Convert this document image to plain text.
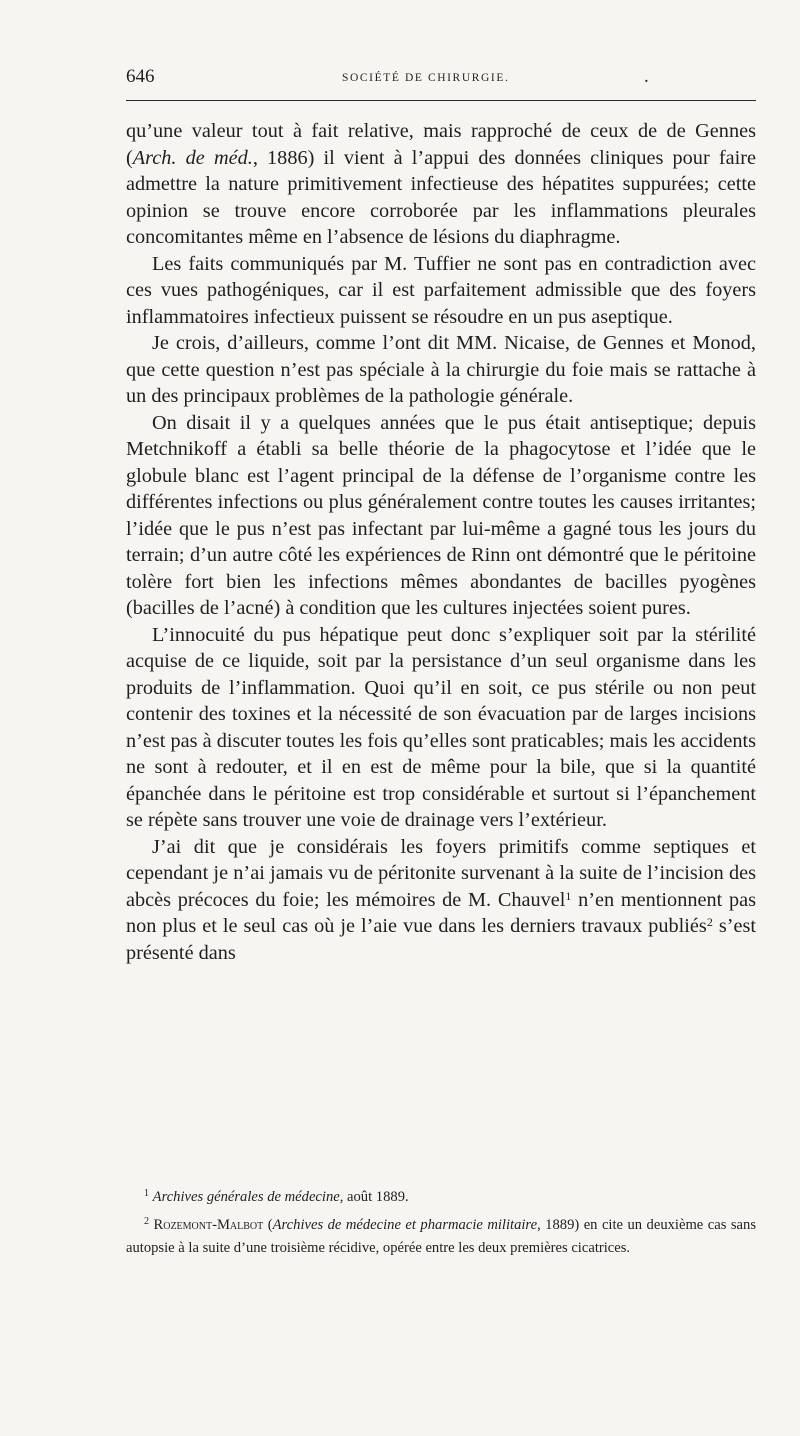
646	SOCIÉTÉ DE CHIRURGIE.	.

qu’une valeur tout à fait relative, mais rapproché de ceux de de Gennes (Arch. de méd., 1886) il vient à l’appui des données cliniques pour faire admettre la nature primitivement infectieuse des hépatites suppurées; cette opinion se trouve encore corroborée par les inflammations pleurales concomitantes même en l’absence de lésions du diaphragme.

Les faits communiqués par M. Tuffier ne sont pas en contradiction avec ces vues pathogéniques, car il est parfaitement admissible que des foyers inflammatoires infectieux puissent se résoudre en un pus aseptique.

Je crois, d’ailleurs, comme l’ont dit MM. Nicaise, de Gennes et Monod, que cette question n’est pas spéciale à la chirurgie du foie mais se rattache à un des principaux problèmes de la pathologie générale.

On disait il y a quelques années que le pus était antiseptique; depuis Metchnikoff a établi sa belle théorie de la phagocytose et l’idée que le globule blanc est l’agent principal de la défense de l’organisme contre les différentes infections ou plus généralement contre toutes les causes irritantes; l’idée que le pus n’est pas infectant par lui-même a gagné tous les jours du terrain; d’un autre côté les expériences de Rinn ont démontré que le péritoine tolère fort bien les infections mêmes abondantes de bacilles pyogènes (bacilles de l’acné) à condition que les cultures injectées soient pures.

L’innocuité du pus hépatique peut donc s’expliquer soit par la stérilité acquise de ce liquide, soit par la persistance d’un seul organisme dans les produits de l’inflammation. Quoi qu’il en soit, ce pus stérile ou non peut contenir des toxines et la nécessité de son évacuation par de larges incisions n’est pas à discuter toutes les fois qu’elles sont praticables; mais les accidents ne sont à redouter, et il en est de même pour la bile, que si la quantité épanchée dans le péritoine est trop considérable et surtout si l’épanchement se répète sans trouver une voie de drainage vers l’extérieur.

J’ai dit que je considérais les foyers primitifs comme septiques et cependant je n’ai jamais vu de péritonite survenant à la suite de l’incision des abcès précoces du foie; les mémoires de M. Chauvel$^1$ n’en mentionnent pas non plus et le seul cas où je l’aie vue dans les derniers travaux publiés$^2$ s’est présenté dans

$^1$ Archives générales de médecine, août 1889.

$^2$ Rozemont-Malbot (Archives de médecine et pharmacie militaire, 1889) en cite un deuxième cas sans autopsie à la suite d’une troisième récidive, opérée entre les deux premières cicatrices.
